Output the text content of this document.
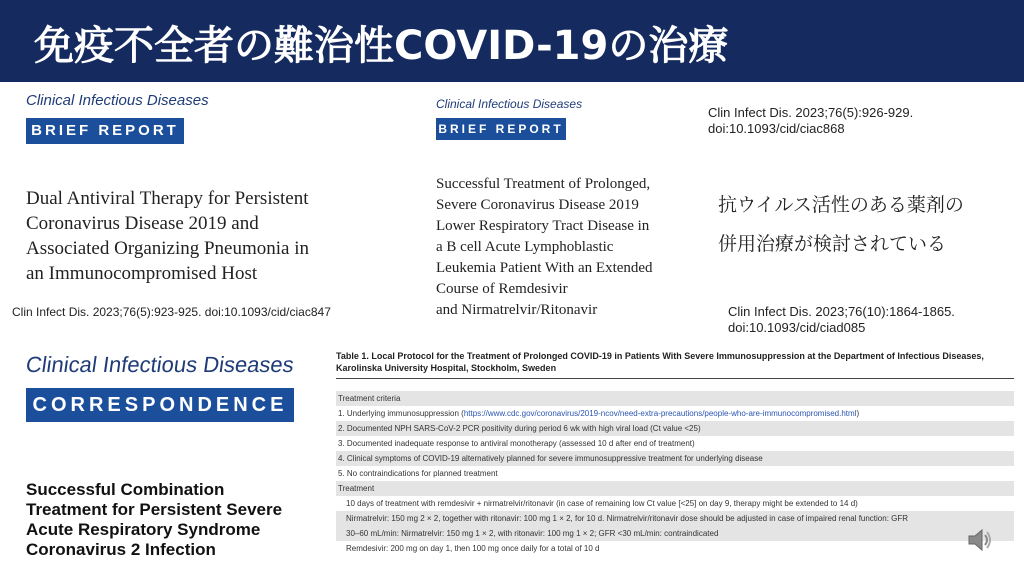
免疫不全者の難治性COVID-19の治療
Clinical Infectious Diseases
BRIEF REPORT
Dual Antiviral Therapy for Persistent
Coronavirus Disease 2019 and
Associated Organizing Pneumonia in
an Immunocompromised Host
Clin Infect Dis. 2023;76(5):923-925. doi:10.1093/cid/ciac847
Clinical Infectious Diseases
BRIEF REPORT
Clin Infect Dis. 2023;76(5):926-929.
doi:10.1093/cid/ciac868
Successful Treatment of Prolonged,
Severe Coronavirus Disease 2019
Lower Respiratory Tract Disease in
a B cell Acute Lymphoblastic
Leukemia Patient With an Extended
Course of Remdesivir
and Nirmatrelvir/Ritonavir
抗ウイルス活性のある薬剤の
併用治療が検討されている
Clin Infect Dis. 2023;76(10):1864-1865.
doi:10.1093/cid/ciad085
Clinical Infectious Diseases
CORRESPONDENCE
Successful Combination
Treatment for Persistent Severe
Acute Respiratory Syndrome
Coronavirus 2 Infection
Table 1. Local Protocol for the Treatment of Prolonged COVID-19 in Patients With Severe Immunosuppression at the Department of Infectious Diseases,
Karolinska University Hospital, Stockholm, Sweden
Treatment criteria
1. Underlying immunosuppression (https://www.cdc.gov/coronavirus/2019-ncov/need-extra-precautions/people-who-are-immunocompromised.html)
2. Documented NPH SARS-CoV-2 PCR positivity during period 6 wk with high viral load (Ct value <25)
3. Documented inadequate response to antiviral monotherapy (assessed 10 d after end of treatment)
4. Clinical symptoms of COVID-19 alternatively planned for severe immunosuppressive treatment for underlying disease
5. No contraindications for planned treatment
Treatment
10 days of treatment with remdesivir + nirmatrelvir/ritonavir (in case of remaining low Ct value [<25] on day 9, therapy might be extended to 14 d)
Nirmatrelvir: 150 mg 2 × 2, together with ritonavir: 100 mg 1 × 2, for 10 d. Nirmatrelvir/ritonavir dose should be adjusted in case of impaired renal function: GFR
30–60 mL/min: Nirmatrelvir: 150 mg 1 × 2, with ritonavir: 100 mg 1 × 2; GFR <30 mL/min: contraindicated
Remdesivir: 200 mg on day 1, then 100 mg once daily for a total of 10 d
